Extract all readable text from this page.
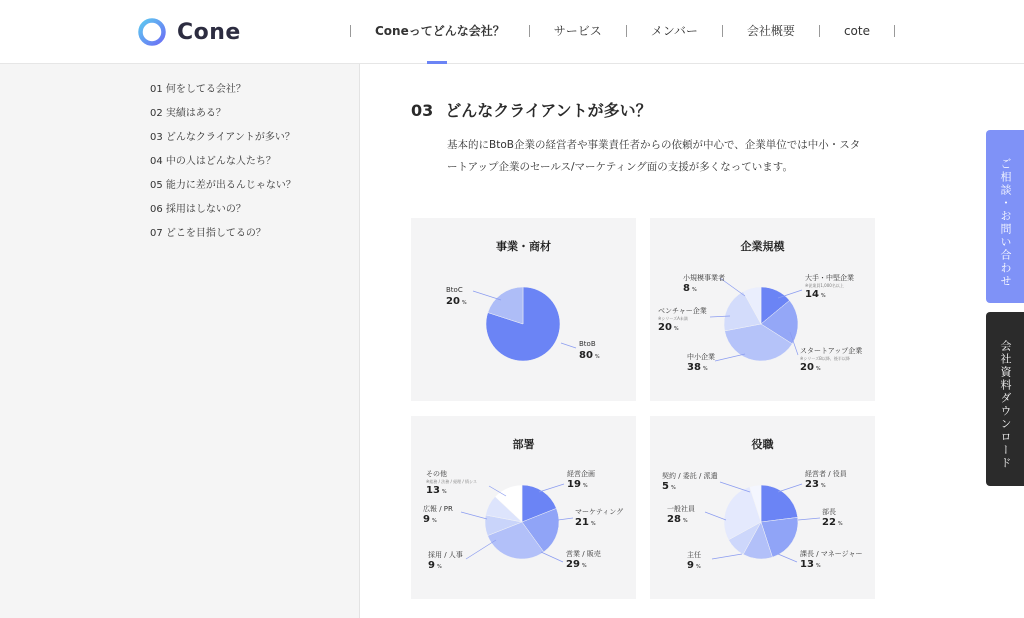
Cone	Coneってどんな会社？	サービス	メンバー	会社概要	cote
01 何をしてる会社？
02 実績はある？
03 どんなクライアントが多い？
04 中の人はどんな人たち？
05 能力に差が出るんじゃない？
06 採用はしないの？
07 どこを目指してるの？
03 どんなクライアントが多い？

基本的にBtoB企業の経営者や事業責任者からの依頼が中心で、企業単位では中小・スタートアップ企業のセールス/マーケティング面の支援が多くなっています。

事業・商材
BtoB
80 %
BtoC
20 %
企業規模
大手・中堅企業
※従業員1,000名以上
14 %
スタートアップ企業
※シリーズB以降、後半以降
20 %
中小企業
38 %
ベンチャー企業
※シリーズA未満
20 %
小規模事業者
8 %
部署
経営企画
19 %
マーケティング
21 %
営業 / 販売
29 %
採用 / 人事
9 %
広報 / PR
9 %
その他
※総務 / 法務 / 経理 / 情シス
13 %
役職
経営者 / 役員
23 %
部長
22 %
課長 / マネージャー
13 %
主任
9 %
一般社員
28 %
契約 / 委託 / 派遣
5 %
ご相談・お問い合わせ
会社資料ダウンロード
